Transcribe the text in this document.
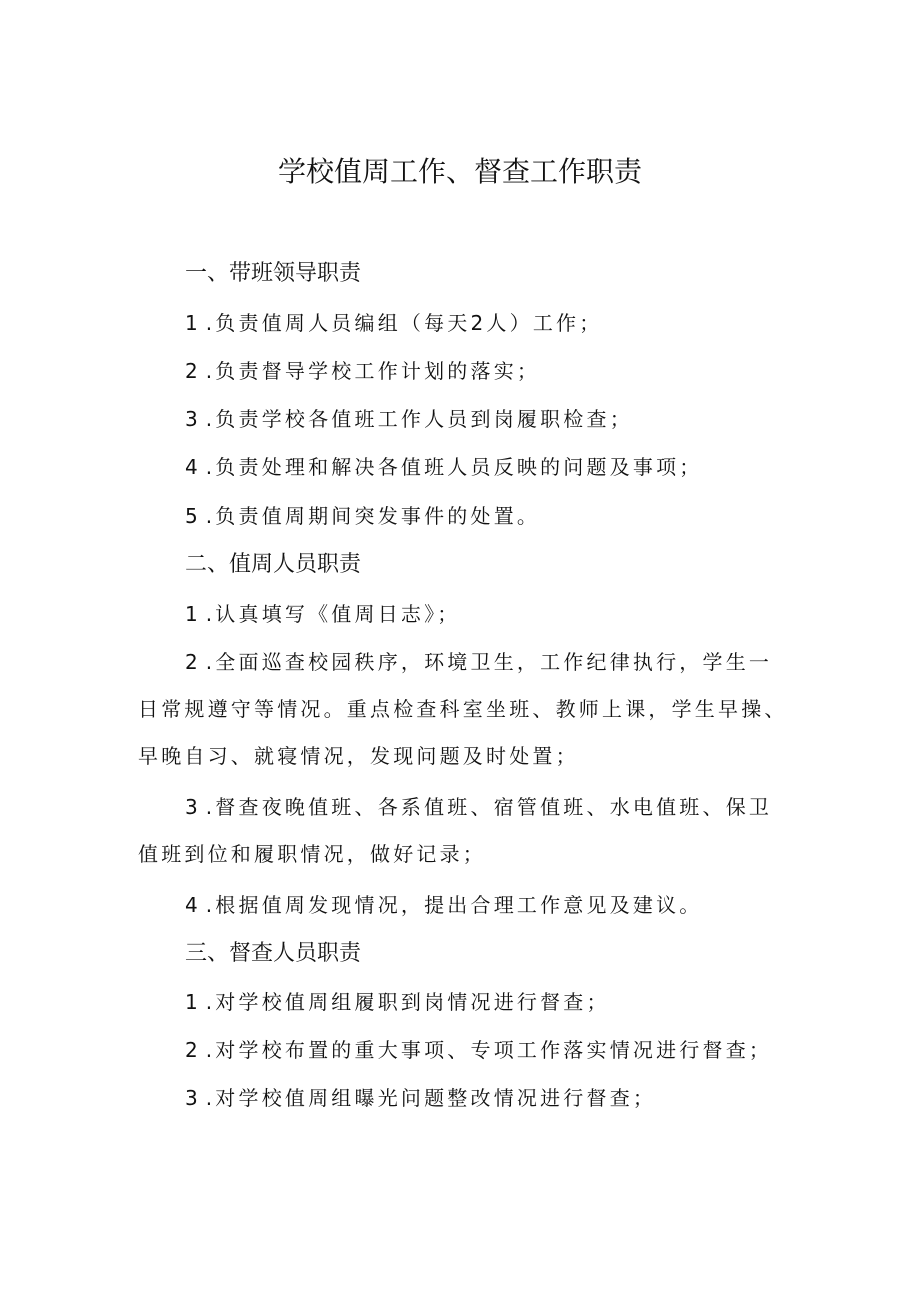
学校值周工作、督查工作职责
一、带班领导职责
1 .负责值周人员编组（每天2人）工作；
2 .负责督导学校工作计划的落实；
3 .负责学校各值班工作人员到岗履职检查；
4 .负责处理和解决各值班人员反映的问题及事项；
5 .负责值周期间突发事件的处置。
二、值周人员职责
1 .认真填写《值周日志》；
2 .全面巡查校园秩序，环境卫生，工作纪律执行，学生一日常规遵守等情况。重点检查科室坐班、教师上课，学生早操、早晚自习、就寝情况，发现问题及时处置；
3 .督查夜晚值班、各系值班、宿管值班、水电值班、保卫值班到位和履职情况，做好记录；
4 .根据值周发现情况，提出合理工作意见及建议。
三、督查人员职责
1 .对学校值周组履职到岗情况进行督查；
2 .对学校布置的重大事项、专项工作落实情况进行督查；
3 .对学校值周组曝光问题整改情况进行督查；
